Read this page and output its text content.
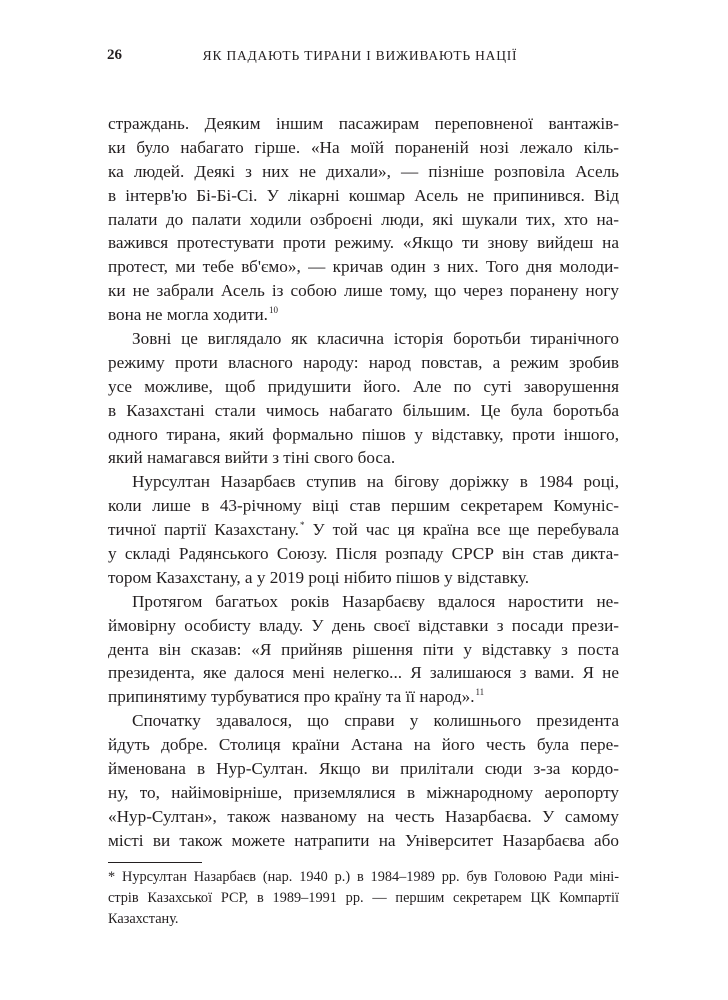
26	ЯК ПАДАЮТЬ ТИРАНИ І ВИЖИВАЮТЬ НАЦІЇ
страждань. Деяким іншим пасажирам переповненої вантажів-
ки було набагато гірше. «На моїй пораненій нозі лежало кіль-
ка людей. Деякі з них не дихали», — пізніше розповіла Асель
в інтерв'ю Бі-Бі-Сі. У лікарні кошмар Асель не припинився. Від
палати до палати ходили озброєні люди, які шукали тих, хто на-
важився протестувати проти режиму. «Якщо ти знову вийдеш на
протест, ми тебе вб'ємо», — кричав один з них. Того дня молоди-
ки не забрали Асель із собою лише тому, що через поранену ногу
вона не могла ходити.$^{10}$
Зовні це виглядало як класична історія боротьби тиранічного
режиму проти власного народу: народ повстав, а режим зробив
усе можливе, щоб придушити його. Але по суті заворушення
в Казахстані стали чимось набагато більшим. Це була боротьба
одного тирана, який формально пішов у відставку, проти іншого,
який намагався вийти з тіні свого боса.
Нурсултан Назарбаєв ступив на бігову доріжку в 1984 році,
коли лише в 43-річному віці став першим секретарем Комуніс-
тичної партії Казахстану.* У той час ця країна все ще перебувала
у складі Радянського Союзу. Після розпаду СРСР він став дикта-
тором Казахстану, а у 2019 році нібито пішов у відставку.
Протягом багатьох років Назарбаєву вдалося наростити не-
ймовірну особисту владу. У день своєї відставки з посади прези-
дента він сказав: «Я прийняв рішення піти у відставку з поста
президента, яке далося мені нелегко... Я залишаюся з вами. Я не
припинятиму турбуватися про країну та її народ».$^{11}$
Спочатку здавалося, що справи у колишнього президента
йдуть добре. Столиця країни Астана на його честь була пере-
йменована в Нур-Султан. Якщо ви прилітали сюди з-за кордо-
ну, то, найімовірніше, приземлялися в міжнародному аеропорту
«Нур-Султан», також названому на честь Назарбаєва. У самому
місті ви також можете натрапити на Університет Назарбаєва або
* Нурсултан Назарбаєв (нар. 1940 р.) в 1984–1989 рр. був Головою Ради міні-
стрів Казахської РСР, в 1989–1991 рр. — першим секретарем ЦК Компартії
Казахстану.
